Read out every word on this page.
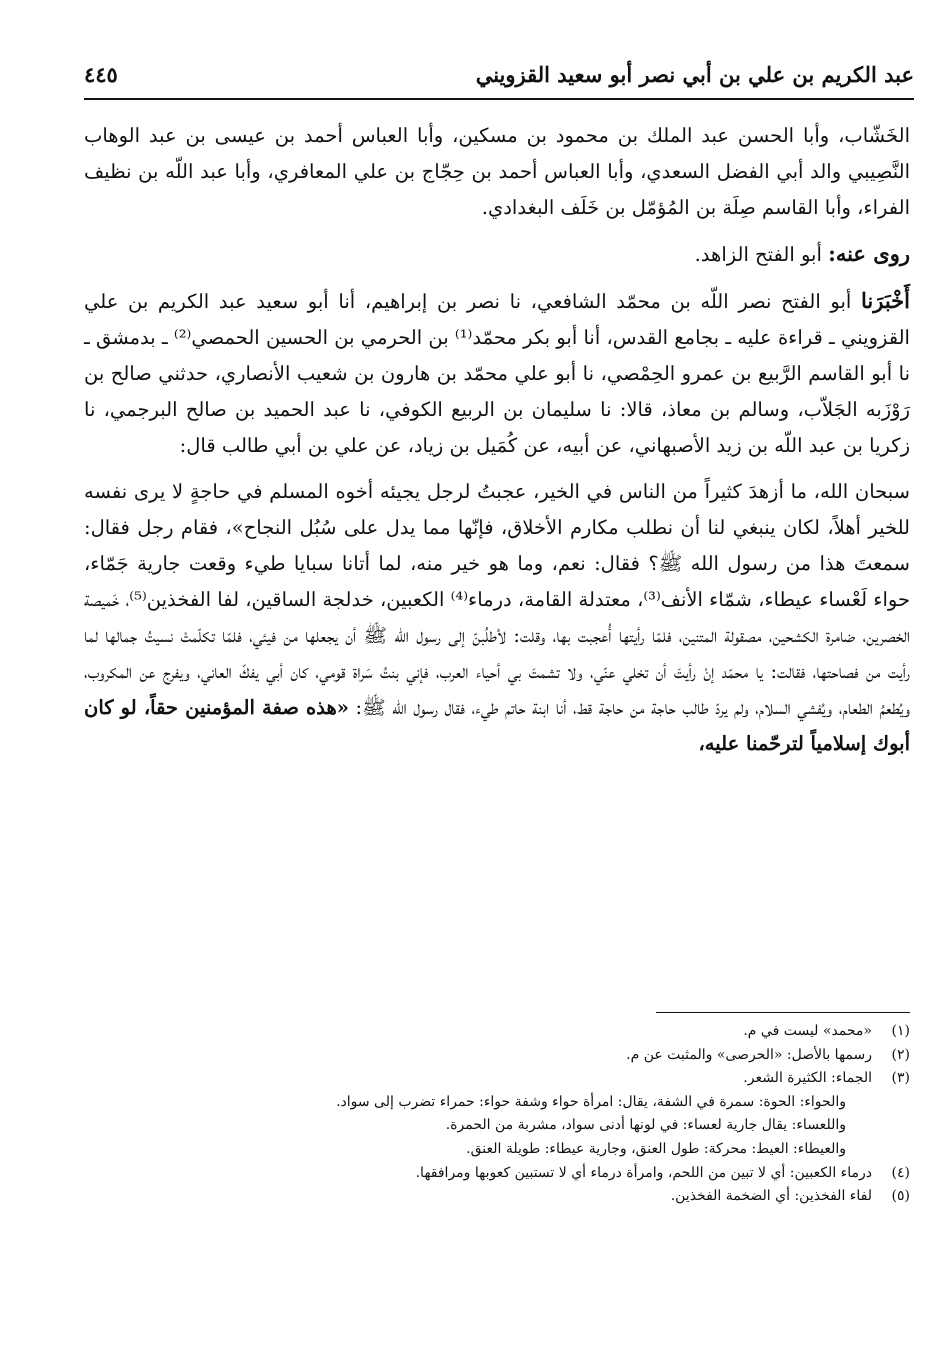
عبد الكريم بن علي بن أبي نصر أبو سعيد القزويني
٤٤٥

الخَشّاب، وأبا الحسن عبد الملك بن محمود بن مسكين، وأبا العباس أحمد بن عيسى بن عبد الوهاب النَّصِيبي والد أبي الفضل السعدي، وأبا العباس أحمد بن حِجّاج بن علي المعافري، وأبا عبد اللّه بن نظيف الفراء، وأبا القاسم صِلَة بن المُؤمّل بن خَلَف البغدادي.

روى عنه: أبو الفتح الزاهد.

أَخْبَرَنا أبو الفتح نصر اللّه بن محمّد الشافعي، نا نصر بن إبراهيم، أنا أبو سعيد عبد الكريم بن علي القزويني ـ قراءة عليه ـ بجامع القدس، أنا أبو بكر محمّد⁽¹⁾ بن الحرمي بن الحسين الحمصي⁽²⁾ ـ بدمشق ـ نا أبو القاسم الرَّبيع بن عمرو الحِمْصي، نا أبو علي محمّد بن هارون بن شعيب الأنصاري، حدثني صالح بن رَوْزَبه الجَلاّب، وسالم بن معاذ، قالا: نا سليمان بن الربيع الكوفي، نا عبد الحميد بن صالح البرجمي، نا زكريا بن عبد اللّه بن زيد الأصبهاني، عن أبيه، عن كُمَيل بن زياد، عن علي بن أبي طالب قال:

سبحان الله، ما أزهدَ كثيراً من الناس في الخير، عجبتُ لرجل يجيئه أخوه المسلم في حاجةٍ لا يرى نفسه للخير أهلاً، لكان ينبغي لنا أن نطلب مكارم الأخلاق، فإنّها مما يدل على سُبُل النجاح»، فقام رجل فقال: سمعتَ هذا من رسول الله ﷺ؟ فقال: نعم، وما هو خير منه، لما أتانا سبايا طيء وقعت جارية جَمّاء، حواء لَعْساء عيطاء، شمّاء الأنف⁽³⁾، معتدلة القامة، درماء⁽⁴⁾ الكعبين، خدلجة الساقين، لفا الفخذين⁽⁵⁾، خَميصة الخصرين، ضامرة الكشحين، مصقولة المتنين، فلمّا رأيتها أُعجبت بها، وقلت: لأطلُبنّ إلى رسول الله ﷺ أن يجعلها من فيئي، فلمّا تكلّمتْ نسيتُ جمالها لما رأيت من فصاحتها، فقالت: يا محمّد إنْ رأيتَ أن تخلي عنّي، ولا تشمتَ بي أحياء العرب، فإني بنتُ سَراة قومي، كان أبي يفكّ العاني، ويفرج عن المكروب، ويُطعمُ الطعام، ويُفشي السلام، ولم يردّ طالب حاجة من حاجة قط، أنا ابنة حاتم طيء، فقال رسول الله ﷺ: «هذه صفة المؤمنين حقاً، لو كان أبوك إسلامياً لترحّمنا عليه،

(١)
«محمد» ليست في م.
(٢)
رسمها بالأصل: «الحرصى» والمثبت عن م.
(٣)
الجماء: الكثيرة الشعر.
والحواء: الحوة: سمرة في الشفة، يقال: امرأة حواء وشفة حواء: حمراء تضرب إلى سواد.
واللعساء: يقال جارية لعساء: في لونها أدنى سواد، مشربة من الحمرة.
والعيطاء: العيط: محركة: طول العنق، وجارية عيطاء: طويلة العنق.
(٤)
درماء الكعبين: أي لا تبين من اللحم، وامرأة درماء أي لا تستبين كعوبها ومرافقها.
(٥)
لفاء الفخذين: أي الضخمة الفخذين.
